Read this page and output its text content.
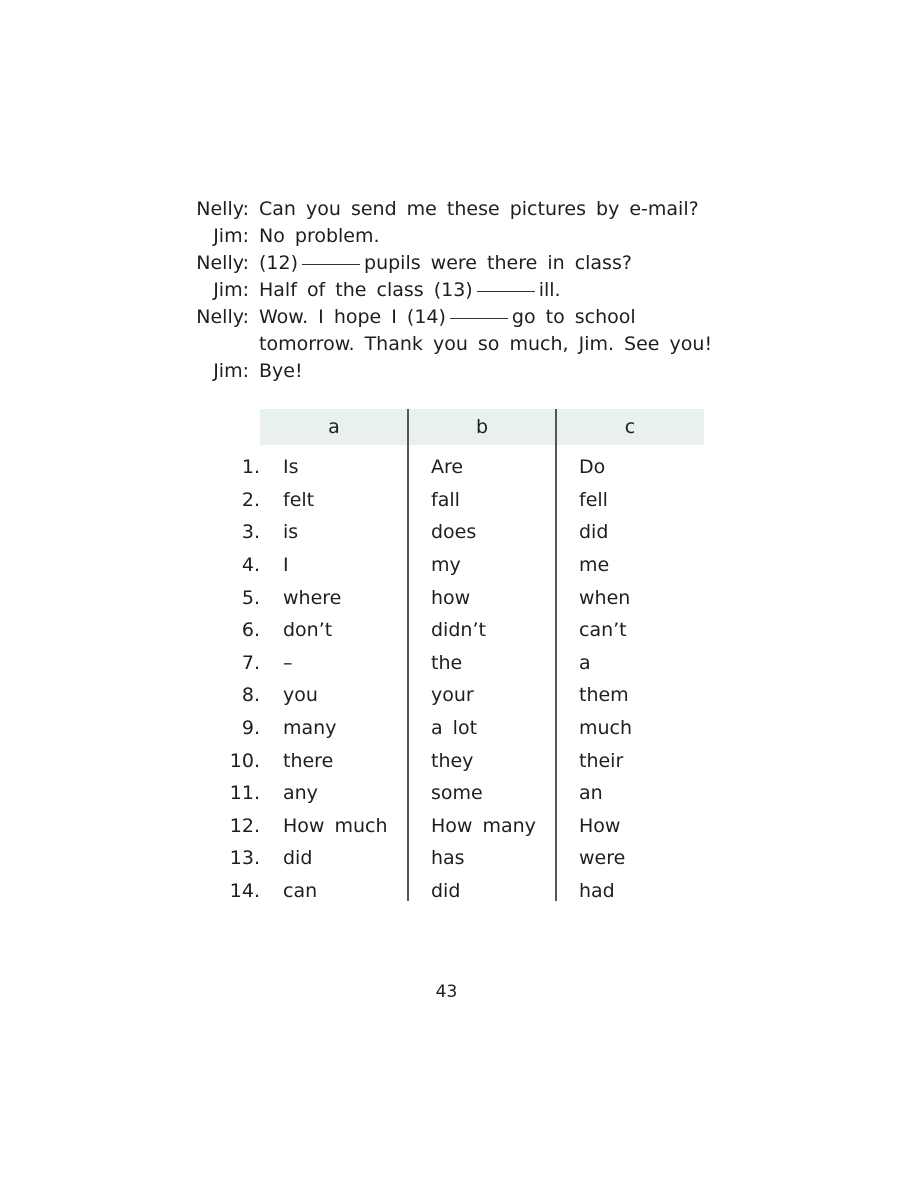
Nelly: Can you send me these pictures by e-mail?
Jim: No problem.
Nelly: (12)	pupils were there in class?
Jim: Half of the class (13)	ill.
Nelly: Wow. I hope I (14)	go to school
tomorrow. Thank you so much, Jim. See you!
Jim: Bye!
a	b	c
1.	Is	Are	Do
2.	felt	fall	fell
3.	is	does	did
4.	I	my	me
5.	where	how	when
6.	don’t	didn’t	can’t
7.	–	the	a
8.	you	your	them
9.	many	a lot	much
10.	there	they	their
11.	any	some	an
12.	How much	How many	How
13.	did	has	were
14.	can	did	had
43
